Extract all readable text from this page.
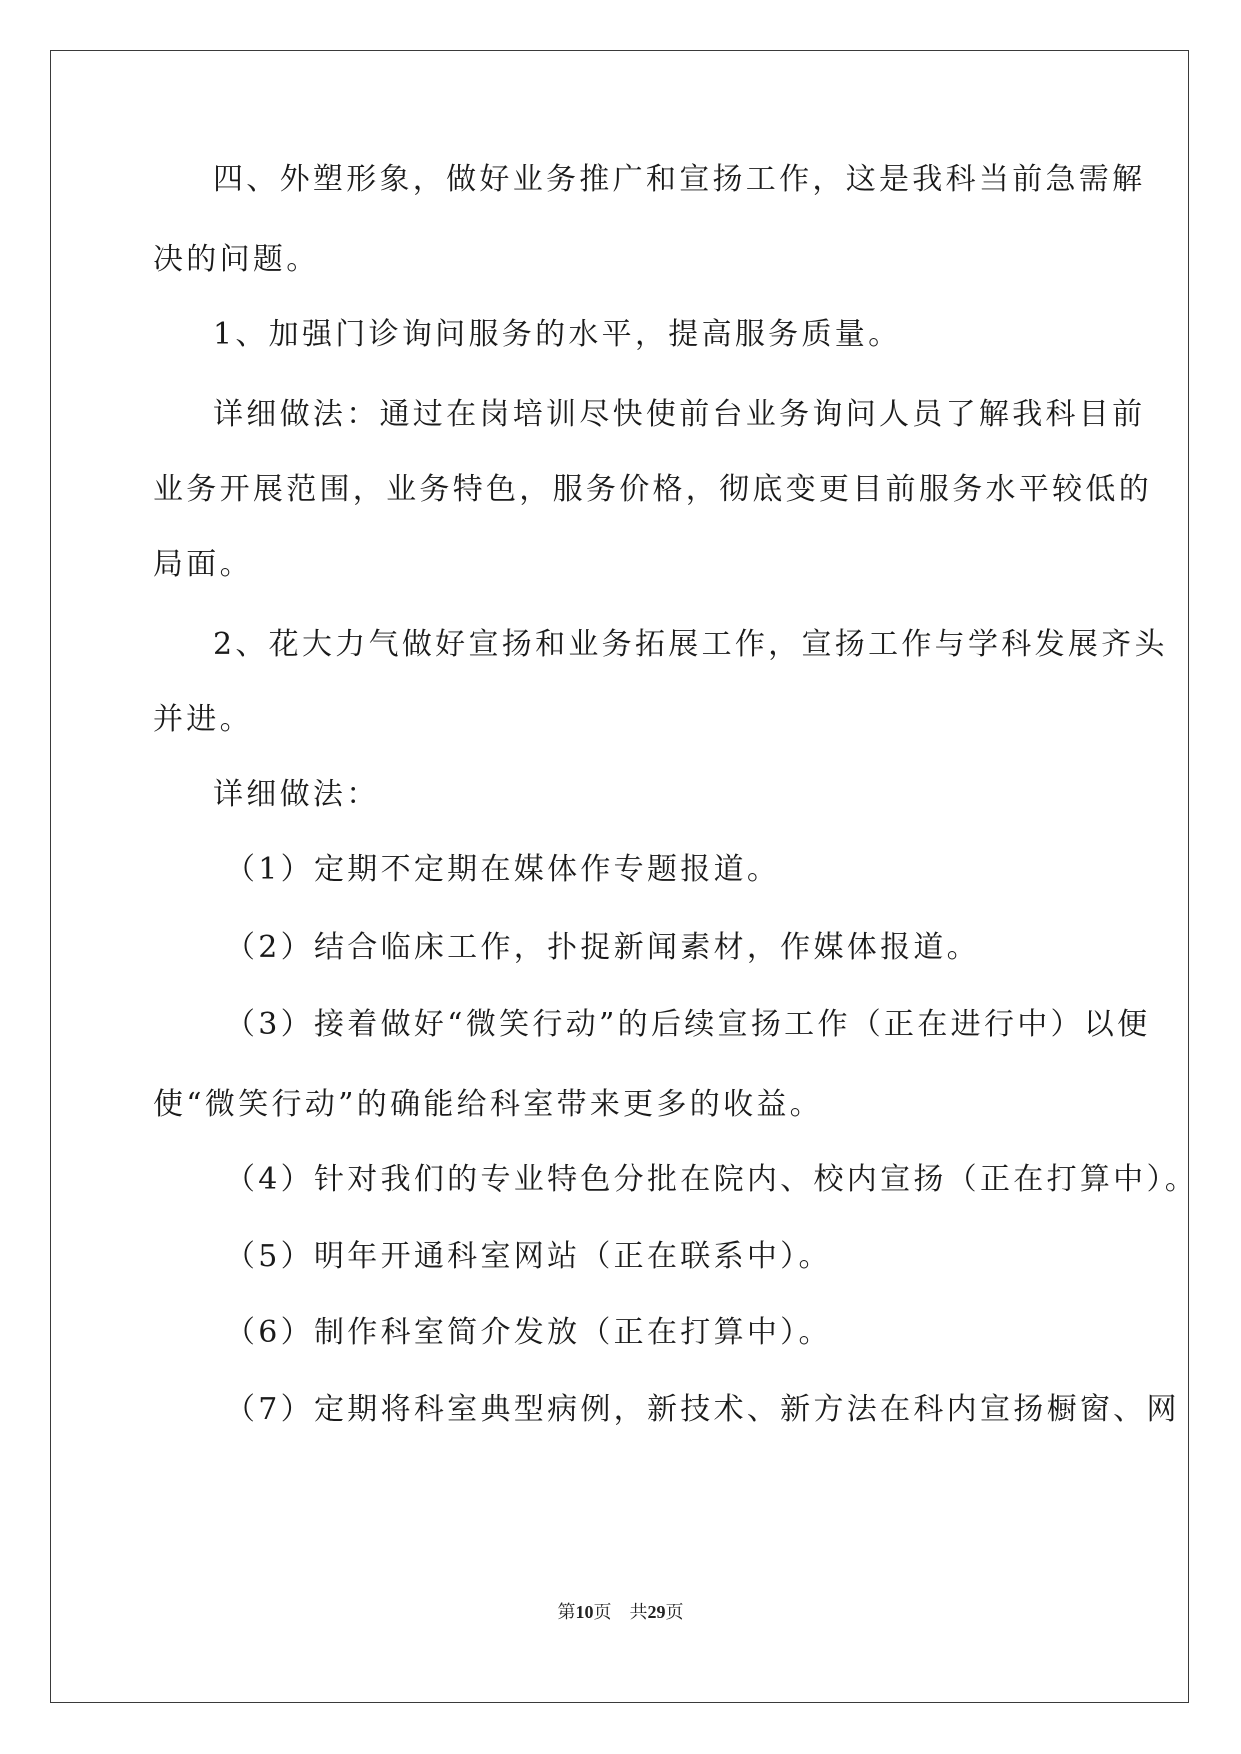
四、外塑形象，做好业务推广和宣扬工作，这是我科当前急需解
决的问题。
1、加强门诊询问服务的水平，提高服务质量。
详细做法：通过在岗培训尽快使前台业务询问人员了解我科目前
业务开展范围，业务特色，服务价格，彻底变更目前服务水平较低的
局面。
2、花大力气做好宣扬和业务拓展工作，宣扬工作与学科发展齐头
并进。
详细做法：
（1）定期不定期在媒体作专题报道。
（2）结合临床工作，扑捉新闻素材，作媒体报道。
（3）接着做好“微笑行动”的后续宣扬工作（正在进行中）以便
使“微笑行动”的确能给科室带来更多的收益。
（4）针对我们的专业特色分批在院内、校内宣扬（正在打算中）。
（5）明年开通科室网站（正在联系中）。
（6）制作科室简介发放（正在打算中）。
（7）定期将科室典型病例，新技术、新方法在科内宣扬橱窗、网
第10页　共29页
